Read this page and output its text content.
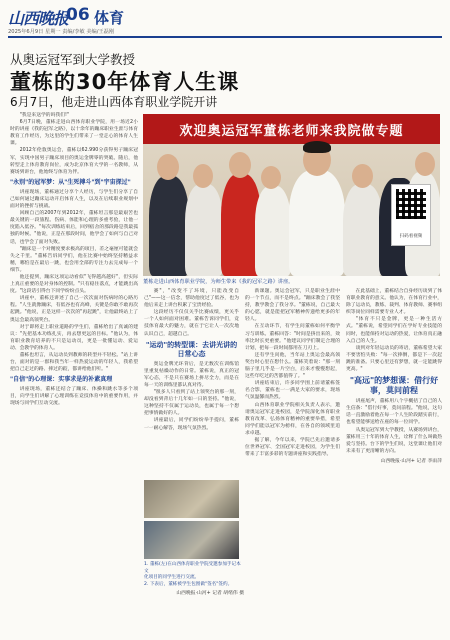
山西晚报
06 体育
2025年6月9日 星期一 责编/李敏 美编/王磊刚
从奥运冠军到大学教授
董栋的30年体育人生课
6月7日，他走进山西体育职业学院开讲
欢迎奥运冠军董栋老师来我院做专题
扫码看视频
董栋走进山西体育职业学院，为师生带来《我的冠军之路》讲座。

"我是来送学的吗我们!"

6月7日晚，董栋走进山西体育职业学院，用一场近2小时的讲座《我的冠军之路》，以十余年的蹦床职业生涯与体育教育工作经历，为这里的学生们带来了一堂走心的体育人生课。

2012年伦敦奥运会，董栋以62.990分获得男子蹦床冠军，实现中国男子蹦床项目的奥运金牌零的突破。随后，他转型走上体育教育岗位，成为北京体育大学的一名教师，从赛场到讲台，他始终与体育为伴。

"永别"的冠军梦：从"生死搏斗"到"宇宙探过"

讲座现场，董栋通过分享个人经历，与学生们分享了自己如何通过蹦床运动开启体育人生，以及在后续职业规划中面对的挫折与挑战。

回顾自己的2007年到2012年，董栋坦言那是最艰苦也最关键的一段旅程。伤病、体能和心理的多重考验，让他一度陷入低谷。"每次训练结束后，回到宿舍的那段路是我最孤独的时候。"他说，正是在那段时间，他学会了如何与自己对话，也学会了面对失败。

"蹦床是一个对精度要求极高的项目，差之毫厘可能就会失之千里。"董栋告诉同学们，他在比赛中始终坚持精益求精，哪怕是在最后一跳，也会用全部的专注力去完成每一个细节。

他还提到，蹦床这项运动看似"飞得越高越好"，但实际上真正重要的是对身体的控制。"只有稳住落点，才能跳出高度。"这段话引得台下同学纷纷点头。

讲座中，董栋还讲述了自己一次次面对伤病时的心路历程。"人生就像蹦床，有低谷也有高峰，关键是你敢不敢再次起跳。"他说，正是这样一次次的"再起跳"，让他最终站上了奥运会最高领奖台。

对于即将走上职业道路的学生们，董栋给出了真诚的建议："先把基本功练扎实，再去想更远的目标。"他认为，体育职业教育培养的不只是运动员，更是一批懂运动、爱运动、会教学的体育人。

董栋也坦言，从运动员到教师的转型并不轻松。"站上讲台，面对的是一群和我当年一样热爱运动的年轻人，我希望把自己走过的路、摔过的跤，都讲给他们听。"

"自信"的心理课：实事求是的补素真理

讲座现场，董栋还结合了蹦床、体操和跳水等多个项目，向学生们讲解了心理训练在竞技体育中的重要作用，并现场与同学们互动交流。

赛"，"改变不了环境，只能改变自己"——这一信念，帮助他度过了低谷，也为他后来走上讲台积累了宝贵经验。

这段经历不仅仅关乎比赛成绩，更关乎一个人如何面对困难。董栋告诉同学们，竞技体育最大的魅力，就在于它让人一次次地认识自己，超越自己。

"运动"的转型课：去讲光讲的日常心态

奥运金牌光环背后，是无数次在训练馆里重复枯燥动作的日常。董栋说，真正的冠军心态，不是只在赛场上拼尽全力，而是在每一天的训练里都认真对待。

"很多人只看到了站上领奖台的那一刻，却没看到背后十几年如一日的坚持。"他说，这种坚持不仅属于运动员，也属于每一个想把事情做好的人。

讲座最后，同学们纷纷举手提问，董栋一一耐心解答，现场气氛热烈。

1. 董栋(左)在山西体育职业学院受邀参加手记本文
化项目的同学生进行交流。
2. 下表后，董栋被学生包围做"签名"签约。
山西晚报·山河+ 记者 胡绪伟 摄

新课题。奥运会冠军，只是职业生涯中的一个节点，而不是终点。"蹦床教会了我坚持，教学教会了我分享。"董栋说，自己最大的心愿，就是能把冠军精神传递给更多的年轻人。

在互动环节，有学生问董栋如何平衡学习与训练。董栋回答："时间是挤出来的，效率比时长更重要。"他建议同学们制定合理的计划，把每一段时间都用在刀刃上。

还有学生问他，当年站上奥运会最高领奖台时心里在想什么。董栋笑着说："那一刻脑子里几乎是一片空白，后来才慢慢想起，这些年吃过的苦都值得了。"

讲座结束后，许多同学围上前请董栋签名合影，董栋也一一满足大家的要求，现场气氛温馨而热烈。

山西体育职业学院相关负责人表示，邀请奥运冠军走进校园，是学院深化体育职业教育改革、弘扬体育精神的重要举措，希望同学们能以冠军为榜样，在各自的领域里追求卓越。

据了解，今年以来，学院已先后邀请多位世界冠军、全国冠军走进校园，为学生们带来了丰富多彩的专题讲座和实践指导。

在此基础上，董栋结合自身经历谈到了体育职业教育的意义。他认为，在体育行业中，除了运动员，教练、裁判、体育教师、赛事组织等岗位同样需要专业人才。

"体育不只是金牌，更是一种生活方式。"董栋说，希望同学们在学好专业技能的同时，也能保持对运动的热爱，让体育真正融入自己的人生。

谈到对年轻运动员的寄语，董栋希望大家不要害怕失败："每一次摔倒，都是下一次起跳的准备。只要心里还有梦想，就一定能跳得更高。"

"高远"的梦想课：借行好事，莫问前程

讲座尾声，董栋用八个字概括了自己的人生信条："借行好事，莫问前程。"他说，这句话一直激励着他在每一个人生阶段踏实前行，也希望能够送给在座的每一位同学。

从奥运冠军到大学教授，从赛场到讲台，董栋用三十年的体育人生，诠释了什么叫做热爱与坚持。台下的学生们说，这堂课让他们对未来有了更清晰的方向。

山西晚报·山河+ 记者 李雨萍
